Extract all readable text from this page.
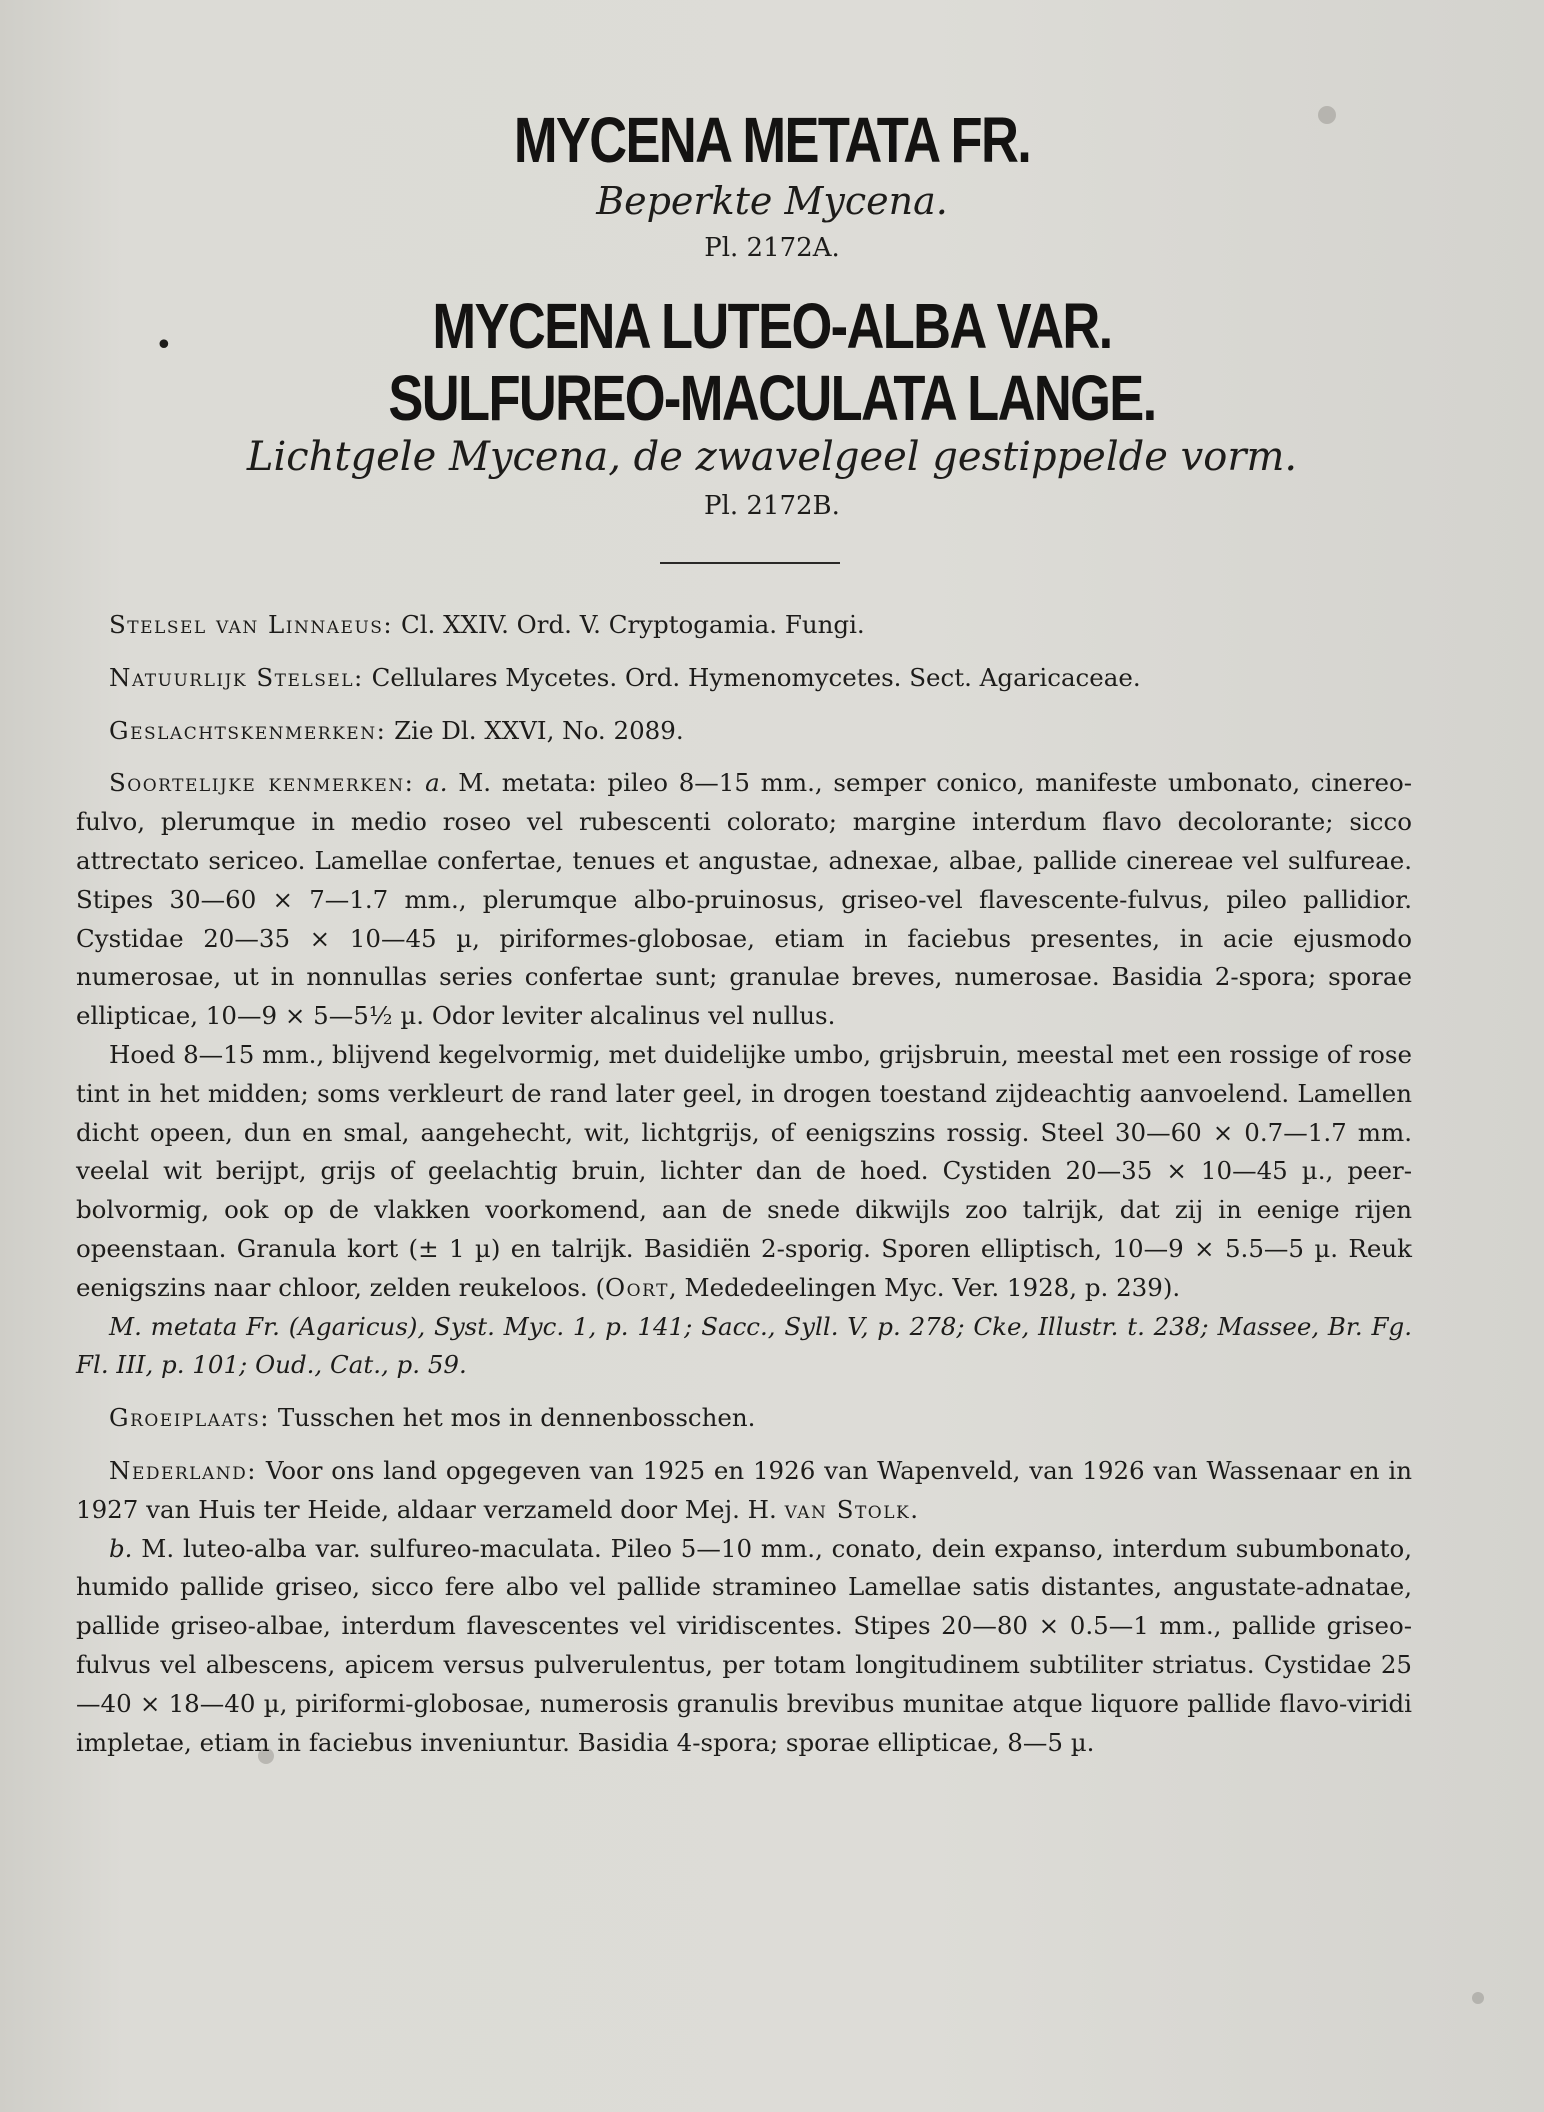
MYCENA METATA FR.
Beperkte Mycena.
Pl. 2172A.
•	MYCENA LUTEO-ALBA VAR.
SULFUREO-MACULATA LANGE.
Lichtgele Mycena, de zwavelgeel gestippelde vorm.
Pl. 2172B.

Stelsel van Linnaeus: Cl. XXIV. Ord. V. Cryptogamia. Fungi.

Natuurlijk Stelsel: Cellulares Mycetes. Ord. Hymenomycetes. Sect. Agaricaceae.

Geslachtskenmerken: Zie Dl. XXVI, No. 2089.

Soortelijke kenmerken: a. M. metata: pileo 8—15 mm., semper conico, manifeste umbonato, cinereo-fulvo, plerumque in medio roseo vel rubescenti colorato; margine interdum flavo decolorante; sicco attrectato sericeo. Lamellae confertae, tenues et angustae, adnexae, albae, pallide cinereae vel sulfureae. Stipes 30—60 × 7—1.7 mm., plerumque albo-pruinosus, griseo-vel flavescente-fulvus, pileo pallidior. Cystidae 20—35 × 10—45 µ, piriformes-globosae, etiam in faciebus presentes, in acie ejusmodo numerosae, ut in nonnullas series confertae sunt; granulae breves, numerosae. Basidia 2-spora; sporae ellipticae, 10—9 × 5—5½ µ. Odor leviter alcalinus vel nullus.

Hoed 8—15 mm., blijvend kegelvormig, met duidelijke umbo, grijsbruin, meestal met een rossige of rose tint in het midden; soms verkleurt de rand later geel, in drogen toestand zijdeachtig aanvoelend. Lamellen dicht opeen, dun en smal, aangehecht, wit, lichtgrijs, of eenigszins rossig. Steel 30—60 × 0.7—1.7 mm. veelal wit berijpt, grijs of geelachtig bruin, lichter dan de hoed. Cystiden 20—35 × 10—45 µ., peer-bolvormig, ook op de vlakken voorkomend, aan de snede dikwijls zoo talrijk, dat zij in eenige rijen opeenstaan. Granula kort (± 1 µ) en talrijk. Basidiën 2-sporig. Sporen elliptisch, 10—9 × 5.5—5 µ. Reuk eenigszins naar chloor, zelden reukeloos. (Oort, Mededeelingen Myc. Ver. 1928, p. 239).

M. metata Fr. (Agaricus), Syst. Myc. 1, p. 141; Sacc., Syll. V, p. 278; Cke, Illustr. t. 238; Massee, Br. Fg. Fl. III, p. 101; Oud., Cat., p. 59.

Groeiplaats: Tusschen het mos in dennenbosschen.

Nederland: Voor ons land opgegeven van 1925 en 1926 van Wapenveld, van 1926 van Wassenaar en in 1927 van Huis ter Heide, aldaar verzameld door Mej. H. van Stolk.

b. M. luteo-alba var. sulfureo-maculata. Pileo 5—10 mm., conato, dein expanso, interdum subumbonato, humido pallide griseo, sicco fere albo vel pallide stramineo Lamellae satis distantes, angustate-adnatae, pallide griseo-albae, interdum flavescentes vel viridiscentes. Stipes 20—80 × 0.5—1 mm., pallide griseo-fulvus vel albescens, apicem versus pulverulentus, per totam longitudinem subtiliter striatus. Cystidae 25—40 × 18—40 µ, piriformi-globosae, numerosis granulis brevibus munitae atque liquore pallide flavo-viridi impletae, etiam in faciebus inveniuntur. Basidia 4-spora; sporae ellipticae, 8—5 µ.
